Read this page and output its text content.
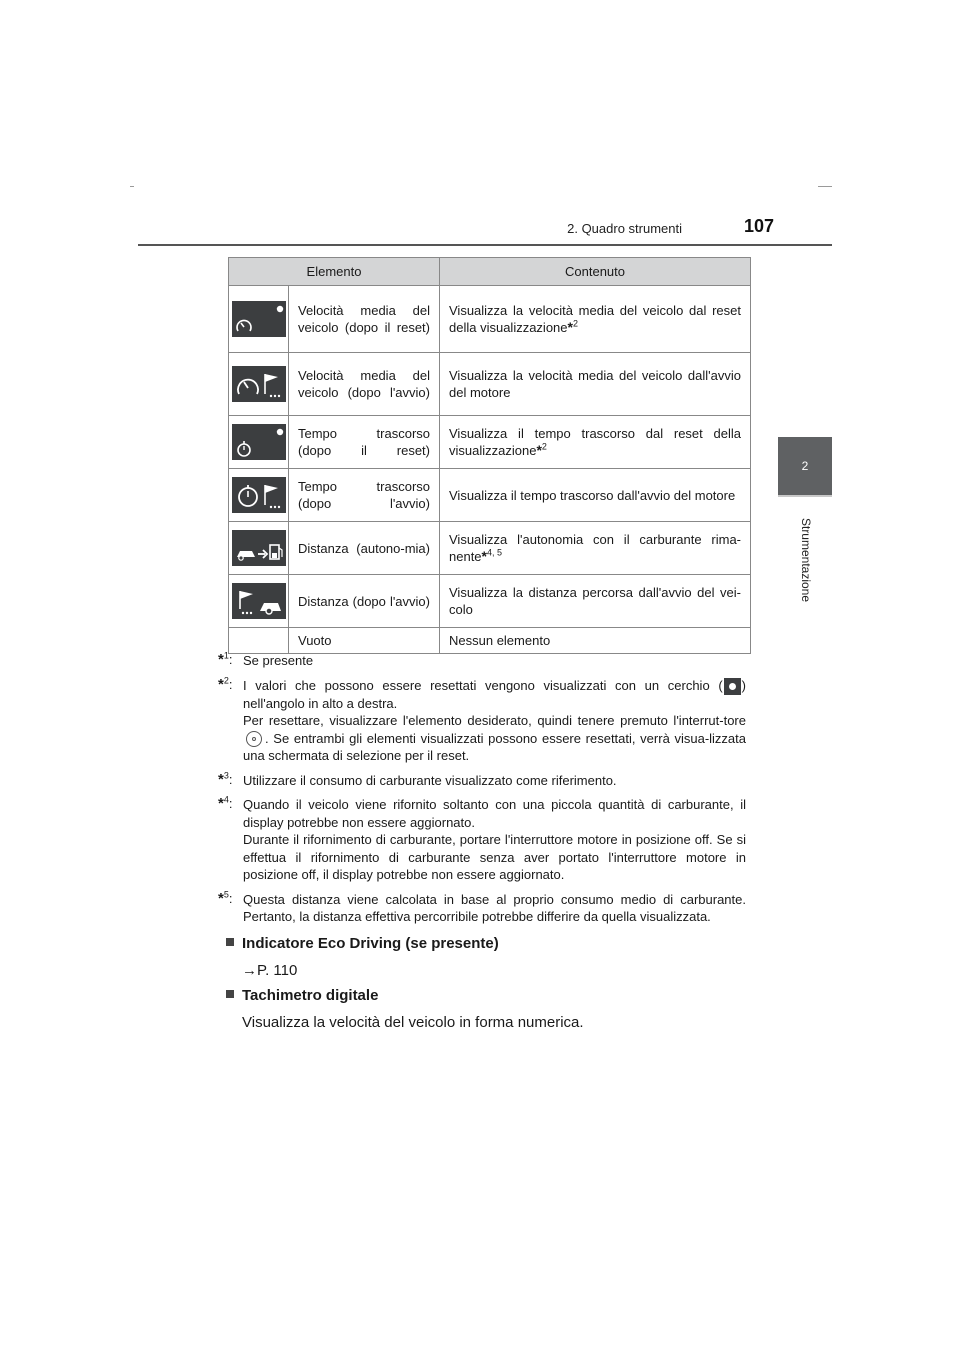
2. Quadro strumenti	107
2
Strumentazione
Elemento		Contenuto

	Velocità media del veicolo (dopo il reset)	Visualizza la velocità media del veicolo dal reset della visualizzazione*$^2$

	Velocità media del veicolo (dopo l'avvio)	Visualizza la velocità media del veicolo dall'avvio del motore

	Tempo trascorso (dopo il reset)	Visualizza il tempo trascorso dal reset della visualizzazione*$^2$

	Tempo trascorso (dopo l'avvio)	Visualizza il tempo trascorso dall'avvio del motore

	Distanza (autono-mia)	Visualizza l'autonomia con il carburante rima-nente*$^{4, 5}$

	Distanza (dopo l'avvio)	Visualizza la distanza percorsa dall'avvio del vei-colo
	Vuoto	Nessun elemento
*$^1$: Se presente
*$^2$: I valori che possono essere resettati vengono visualizzati con un cerchio ( ) nell'angolo in alto a destra.
Per resettare, visualizzare l'elemento desiderato, quindi tenere premuto l'interrut-tore. Se entrambi gli elementi visualizzati possono essere resettati, verrà visua-lizzata una schermata di selezione per il reset.
*$^3$: Utilizzare il consumo di carburante visualizzato come riferimento.
*$^4$: Quando il veicolo viene rifornito soltanto con una piccola quantità di carburante, il display potrebbe non essere aggiornato.
Durante il rifornimento di carburante, portare l'interruttore motore in posizione off. Se si effettua il rifornimento di carburante senza aver portato l'interruttore motore in posizione off, il display potrebbe non essere aggiornato.
*$^5$: Questa distanza viene calcolata in base al proprio consumo medio di carburante. Pertanto, la distanza effettiva percorribile potrebbe differire da quella visualizzata.
Indicatore Eco Driving (se presente)
→P. 110
Tachimetro digitale
Visualizza la velocità del veicolo in forma numerica.
